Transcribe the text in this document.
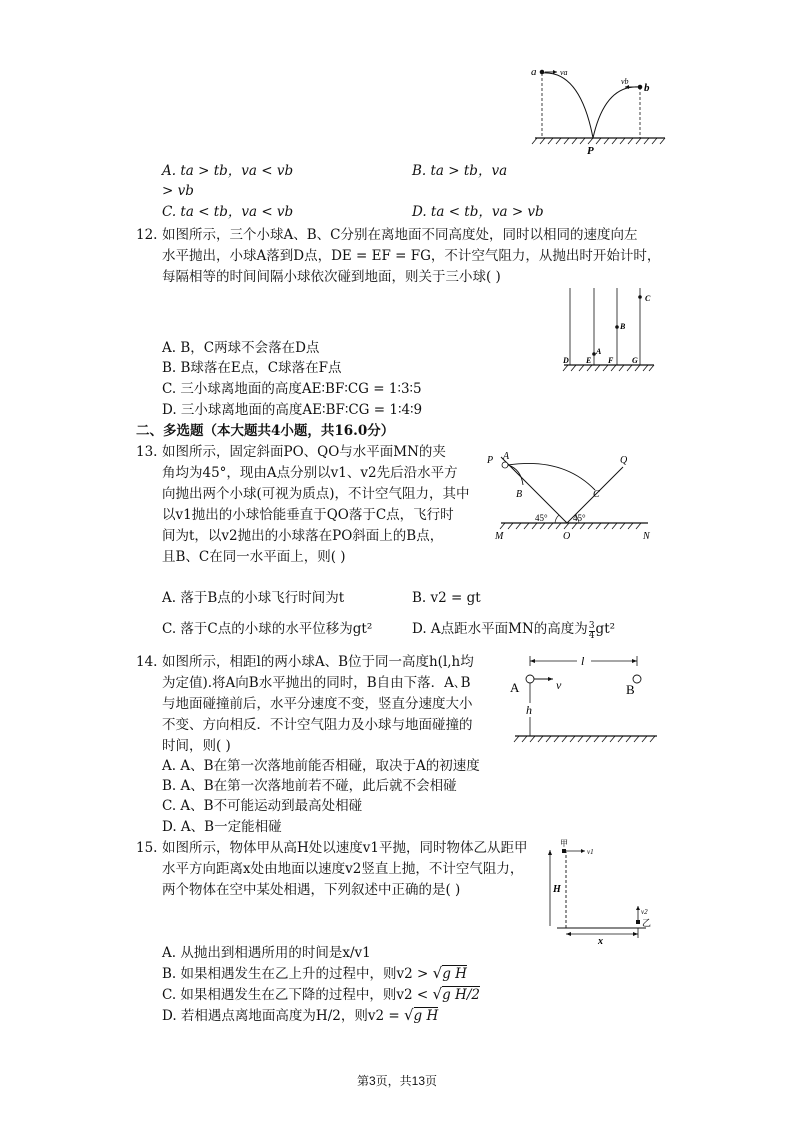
a	va
vb
b
P
A. ta > tb，va < vb	B. ta > tb，va
> vb
C. ta < tb，va < vb	D. ta < tb，va > vb
12. 如图所示，三个小球A、B、C分别在离地面不同高度处，同时以相同的速度向左
水平抛出，小球A落到D点，DE = EF = FG，不计空气阻力，从抛出时开始计时，
每隔相等的时间间隔小球依次碰到地面，则关于三小球( )
C
B
A
D E F G
A. B，C两球不会落在D点
B. B球落在E点，C球落在F点
C. 三小球离地面的高度AE∶BF∶CG = 1∶3∶5
D. 三小球离地面的高度AE∶BF∶CG = 1∶4∶9
二、多选题（本大题共4小题，共16.0分）
13. 如图所示，固定斜面PO、QO与水平面MN的夹
角均为45°，现由A点分别以v1、v2先后沿水平方
向抛出两个小球(可视为质点)，不计空气阻力，其中
以v1抛出的小球恰能垂直于QO落于C点，飞行时
间为t，以v2抛出的小球落在PO斜面上的B点，
且B、C在同一水平面上，则( )
P A	Q
B	C
45°	45°
M	O	N
A. 落于B点的小球飞行时间为t	B. v2 = gt
C. 落于C点的小球的水平位移为gt²	D. A点距水平面MN的高度为 $\frac{3}{4} gt^2$
14. 如图所示，相距l的两小球A、B位于同一高度h(l,h均
为定值).将A向B水平抛出的同时，B自由下落．A､B
与地面碰撞前后，水平分速度不变，竖直分速度大小
不变、方向相反．不计空气阻力及小球与地面碰撞的
时间，则( )
l
A	v	B
h
A. A、B在第一次落地前能否相碰，取决于A的初速度
B. A、B在第一次落地前若不碰，此后就不会相碰
C. A、B不可能运动到最高处相碰
D. A、B一定能相碰
15. 如图所示，物体甲从高H处以速度v1平抛，同时物体乙从距甲
水平方向距离x处由地面以速度v2竖直上抛，不计空气阻力，
两个物体在空中某处相遇，下列叙述中正确的是( )
甲
v1
H
v2
乙
x
A. 从抛出到相遇所用的时间是x/v1
B. 如果相遇发生在乙上升的过程中，则v2 > √g H
C. 如果相遇发生在乙下降的过程中，则v2 < √g H/2
D. 若相遇点离地面高度为H/2，则v2 = √g H
第3页，共13页
